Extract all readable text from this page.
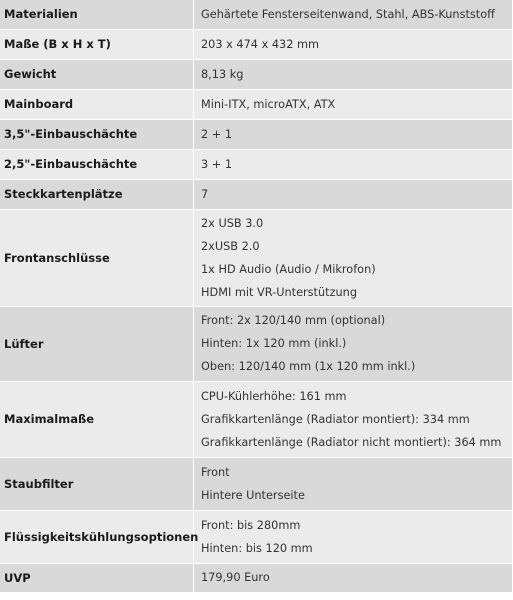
Materialien	Gehärtete Fensterseitenwand, Stahl, ABS-Kunststoff

Maße (B x H x T)	203 x 474 x 432 mm

Gewicht	8,13 kg

Mainboard	Mini-ITX, microATX, ATX

3,5"-Einbauschächte	2 + 1

2,5"-Einbauschächte	3 + 1

Steckkartenplätze	7

Frontanschlüsse	2x USB 3.0
2xUSB 2.0
1x HD Audio (Audio / Mikrofon)
HDMI mit VR-Unterstützung

Lüfter	Front: 2x 120/140 mm (optional)
Hinten: 1x 120 mm (inkl.)
Oben: 120/140 mm (1x 120 mm inkl.)

Maximalmaße	CPU-Kühlerhöhe: 161 mm
Grafikkartenlänge (Radiator montiert): 334 mm
Grafikkartenlänge (Radiator nicht montiert): 364 mm

Staubfilter	Front
Hintere Unterseite

Flüssigkeitskühlungsoptionen	Front: bis 280mm
Hinten: bis 120 mm

UVP	179,90 Euro
